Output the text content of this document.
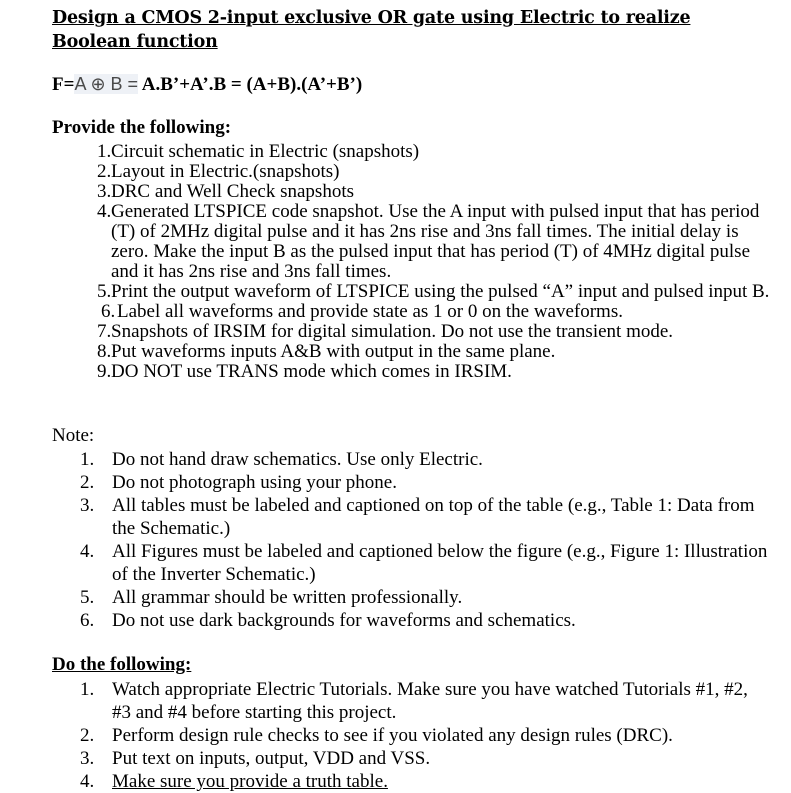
Design a CMOS 2-input exclusive OR gate using Electric to realize Boolean function
F=A ⊕ B = A.B’+A’.B = (A+B).(A’+B’)
Provide the following:
1. Circuit schematic in Electric (snapshots)
2. Layout in Electric.(snapshots)
3. DRC and Well Check snapshots
4. Generated LTSPICE code snapshot. Use the A input with pulsed input that has period (T) of 2MHz digital pulse and it has 2ns rise and 3ns fall times. The initial delay is zero. Make the input B as the pulsed input that has period (T) of 4MHz digital pulse and it has 2ns rise and 3ns fall times.
5. Print the output waveform of LTSPICE using the pulsed “A” input and pulsed input B.
6. Label all waveforms and provide state as 1 or 0 on the waveforms.
7. Snapshots of IRSIM for digital simulation. Do not use the transient mode.
8. Put waveforms inputs A&B with output in the same plane.
9. DO NOT use TRANS mode which comes in IRSIM.
Note:
1. Do not hand draw schematics. Use only Electric.
2. Do not photograph using your phone.
3. All tables must be labeled and captioned on top of the table (e.g., Table 1: Data from the Schematic.)
4. All Figures must be labeled and captioned below the figure (e.g., Figure 1: Illustration of the Inverter Schematic.)
5. All grammar should be written professionally.
6. Do not use dark backgrounds for waveforms and schematics.
Do the following:
1. Watch appropriate Electric Tutorials. Make sure you have watched Tutorials #1, #2, #3 and #4 before starting this project.
2. Perform design rule checks to see if you violated any design rules (DRC).
3. Put text on inputs, output, VDD and VSS.
4. Make sure you provide a truth table.
